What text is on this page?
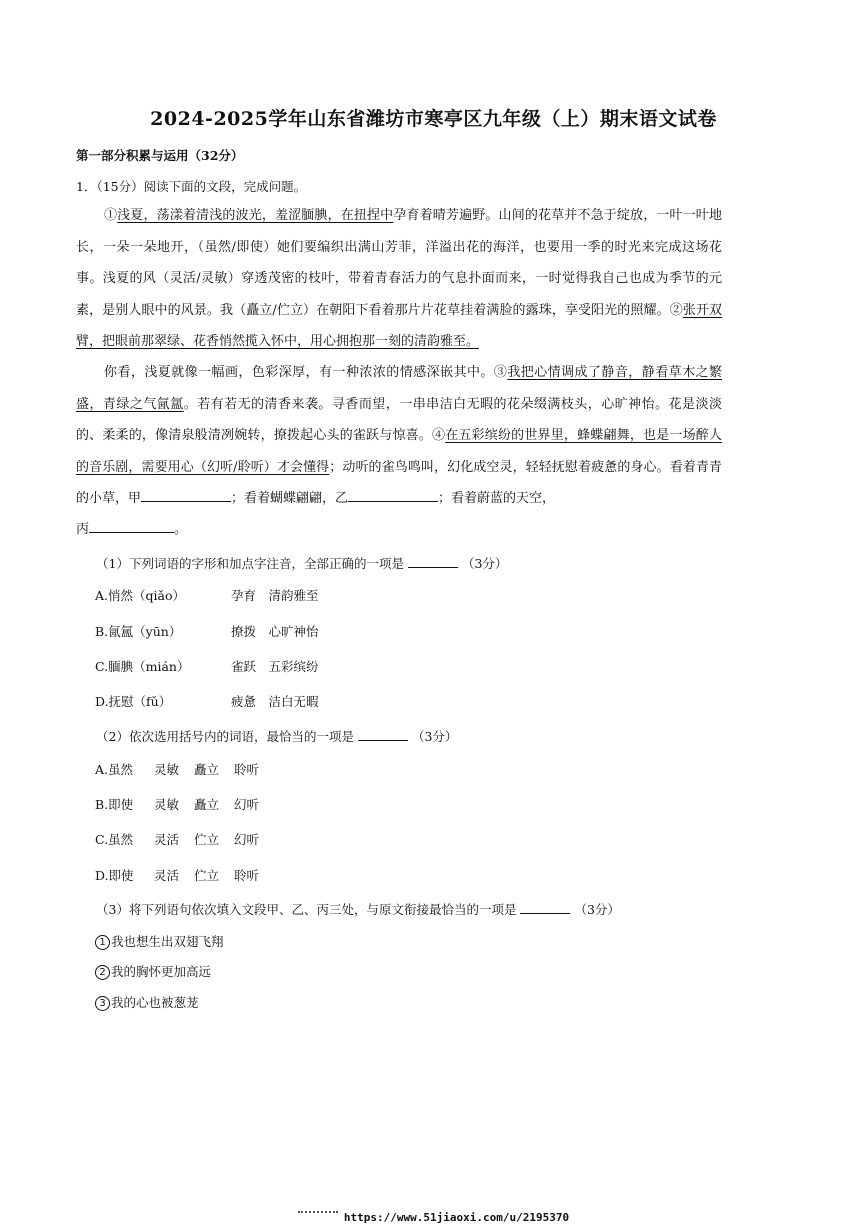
2024-2025学年山东省潍坊市寒亭区九年级（上）期末语文试卷
第一部分积累与运用（32分）
1．（15分）阅读下面的文段，完成问题。
①浅夏，荡漾着清浅的波光，羞涩腼腆，在扭捏中孕育着晴芳遍野。山间的花草并不急于绽放，一叶一叶地长，一朵一朵地开，（虽然/即使）她们要编织出满山芳菲，洋溢出花的海洋，也要用一季的时光来完成这场花事。浅夏的风（灵活/灵敏）穿透茂密的枝叶，带着青春活力的气息扑面而来，一时觉得我自己也成为季节的元素，是别人眼中的风景。我（矗立/伫立）在朝阳下看着那片片花草挂着满脸的露珠，享受阳光的照耀。②张开双臂，把眼前那翠绿、花香悄然揽入怀中，用心拥抱那一刻的清韵雅至。
你看，浅夏就像一幅画，色彩深厚，有一种浓浓的情感深嵌其中。③我把心情调成了静音，静看草木之繁盛，青绿之气氤氲。若有若无的清香来袭。寻香而望，一串串洁白无暇的花朵缀满枝头，心旷神怡。花是淡淡的、柔柔的，像清泉般清冽婉转，撩拨起心头的雀跃与惊喜。④在五彩缤纷的世界里，蜂蝶翩舞，也是一场醉人的音乐剧，需要用心（幻听/聆听）才会懂得；动听的雀鸟鸣叫，幻化成空灵，轻轻抚慰着疲惫的身心。看着青青的小草，甲	；看着蝴蝶翩翩，乙	；看着蔚蓝的天空，
丙	。
（1）下列词语的字形和加点字注音，全部正确的一项是	（3分）
A.悄然（qiǎo）	孕育　清韵雅至
B.氤氲（yūn）	撩拨　心旷神怡
C.腼腆（mián）	雀跃　五彩缤纷
D.抚慰（fǔ）	疲惫　洁白无暇
（2）依次选用括号内的词语，最恰当的一项是	（3分）
A.虽然 灵敏 矗立 聆听
B.即使 灵敏 矗立 幻听
C.虽然 灵活 伫立 幻听
D.即使 灵活 伫立 聆听
（3）将下列语句依次填入文段甲、乙、丙三处，与原文衔接最恰当的一项是	（3分）
1 我也想生出双翅飞翔
2 我的胸怀更加高远
3 我的心也被葱茏
https://www.51jiaoxi.com/u/2195370
